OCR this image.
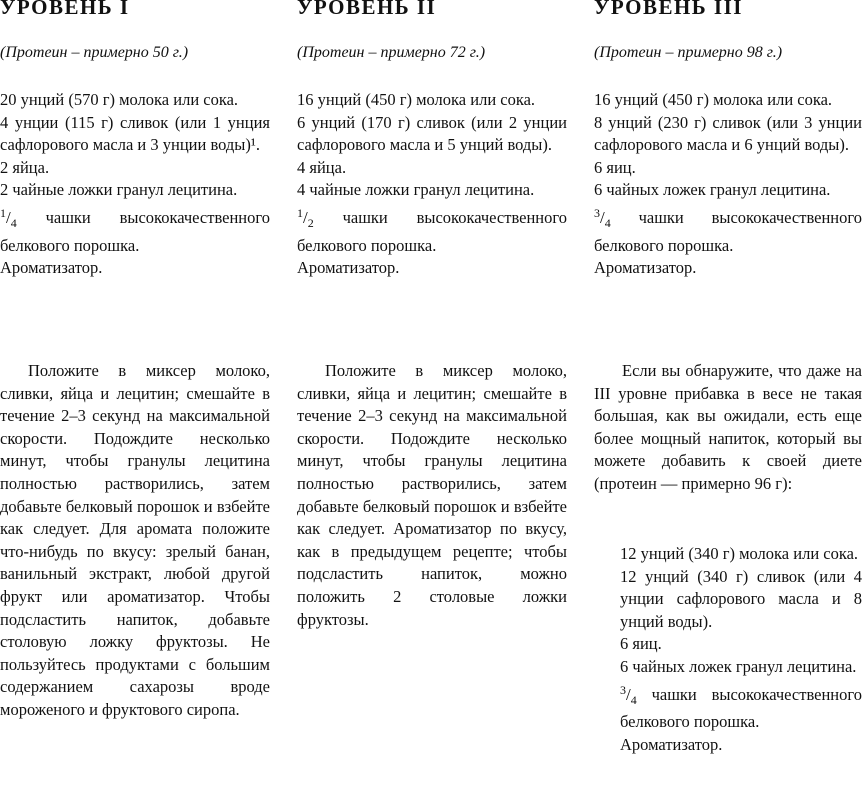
УРОВЕНЬ I
(Протеин – примерно 50 г.)
20 унций (570 г) молока или сока.
4 унции (115 г) сливок (или 1 унция сафлорового масла и 3 унции воды)¹.
2 яйца.
2 чайные ложки гранул лецитина.
$^1/_4$ чашки высококачественного белкового порошка.
Ароматизатор.

Положите в миксер молоко, сливки, яйца и лецитин; смешайте в течение 2–3 секунд на максимальной скорости. Подождите несколько минут, чтобы гранулы лецитина полностью растворились, затем добавьте белковый порошок и взбейте как следует. Для аромата положите что-нибудь по вкусу: зрелый банан, ванильный экстракт, любой другой фрукт или ароматизатор. Чтобы подсластить напиток, добавьте столовую ложку фруктозы. Не пользуйтесь продуктами с большим содержанием сахарозы вроде мороженого и фруктового сиропа.

УРОВЕНЬ II
(Протеин – примерно 72 г.)
16 унций (450 г) молока или сока.
6 унций (170 г) сливок (или 2 унции сафлорового масла и 5 унций воды).
4 яйца.
4 чайные ложки гранул лецитина.
$^1/_2$ чашки высококачественного белкового порошка.
Ароматизатор.

Положите в миксер молоко, сливки, яйца и лецитин; смешайте в течение 2–3 секунд на максимальной скорости. Подождите несколько минут, чтобы гранулы лецитина полностью растворились, затем добавьте белковый порошок и взбейте как следует. Ароматизатор по вкусу, как в предыдущем рецепте; чтобы подсластить напиток, можно положить 2 столовые ложки фруктозы.

УРОВЕНЬ III
(Протеин – примерно 98 г.)
16 унций (450 г) молока или сока.
8 унций (230 г) сливок (или 3 унции сафлорового масла и 6 унций воды).
6 яиц.
6 чайных ложек гранул лецитина.
$^3/_4$ чашки высококачественного белкового порошка.
Ароматизатор.

Если вы обнаружите, что даже на III уровне прибавка в весе не такая большая, как вы ожидали, есть еще более мощный напиток, который вы можете добавить к своей диете (протеин — примерно 96 г):

12 унций (340 г) молока или сока.
12 унций (340 г) сливок (или 4 унции сафлорового масла и 8 унций воды).
6 яиц.
6 чайных ложек гранул лецитина.
$^3/_4$ чашки высококачественного белкового порошка.
Ароматизатор.
